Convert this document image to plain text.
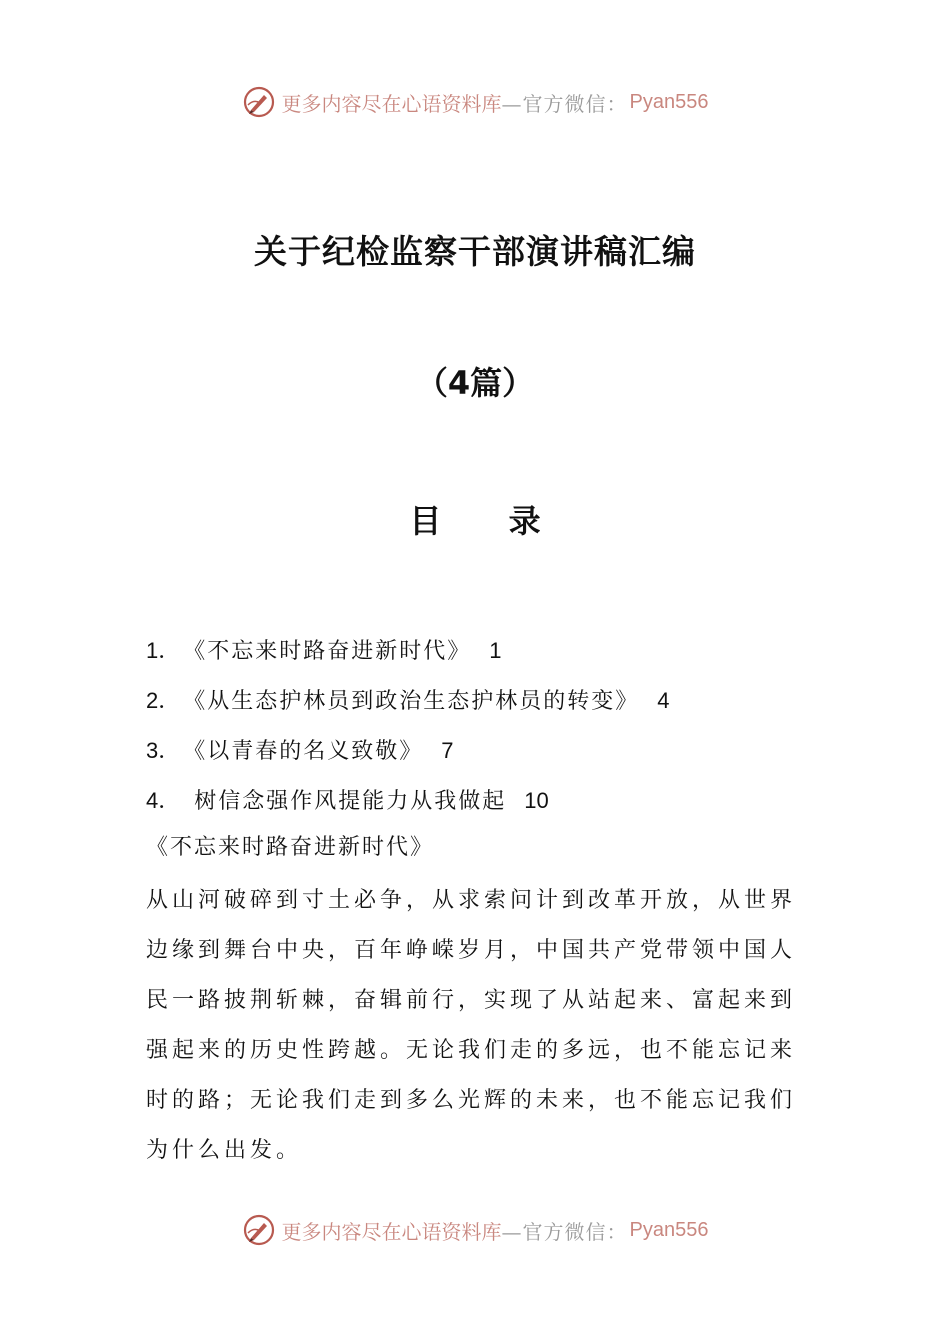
更多内容尽在心语资料库 —官方微信： Pyan556
关于纪检监察干部演讲稿汇编
（4篇）
目 录
1． 《不忘来时路奋进新时代》 1
2． 《从生态护林员到政治生态护林员的转变》 4
3． 《以青春的名义致敬》 7
4． 树信念强作风提能力从我做起 10
《不忘来时路奋进新时代》
从山河破碎到寸土必争，从求索问计到改革开放，从世界
边缘到舞台中央，百年峥嵘岁月，中国共产党带领中国人
民一路披荆斩棘，奋辑前行，实现了从站起来、富起来到
强起来的历史性跨越。无论我们走的多远，也不能忘记来
时的路；无论我们走到多么光辉的未来，也不能忘记我们
为什么出发。
更多内容尽在心语资料库 —官方微信： Pyan556
